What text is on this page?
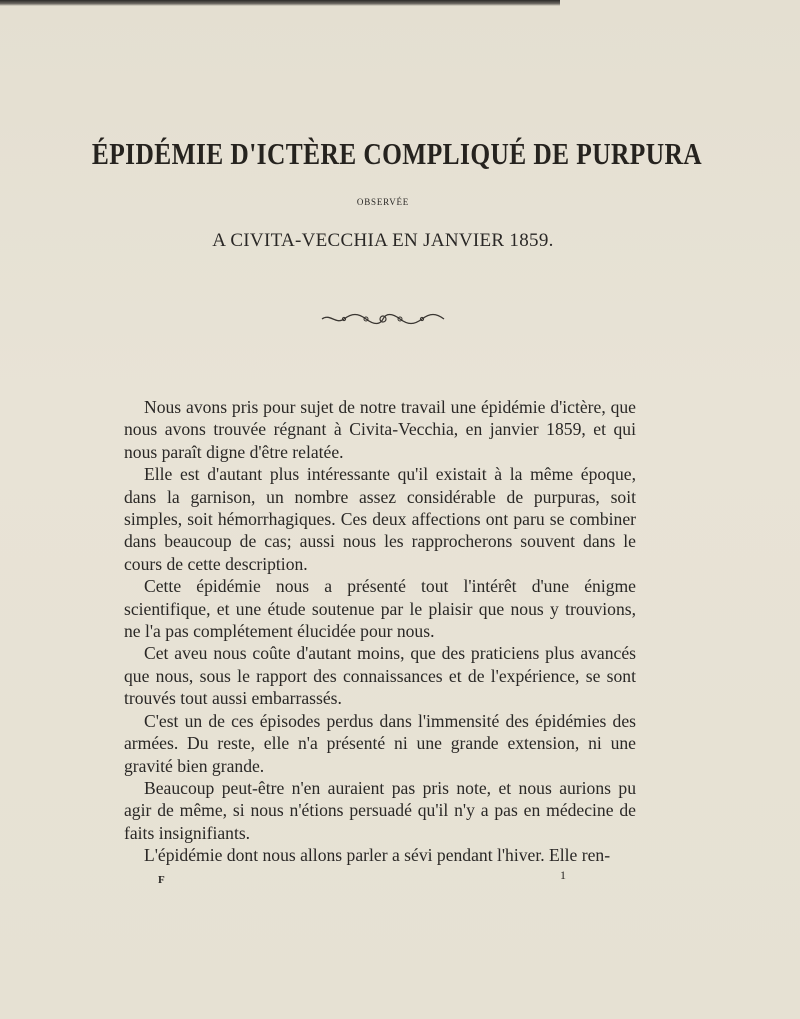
ÉPIDÉMIE D'ICTÈRE COMPLIQUÉ DE PURPURA
OBSERVÉE
A CIVITA-VECCHIA EN JANVIER 1859.

Nous avons pris pour sujet de notre travail une épidémie d'ictère, que nous avons trouvée régnant à Civita-Vecchia, en janvier 1859, et qui nous paraît digne d'être relatée.

Elle est d'autant plus intéressante qu'il existait à la même époque, dans la garnison, un nombre assez considérable de purpuras, soit simples, soit hémorrhagiques. Ces deux affections ont paru se combiner dans beaucoup de cas; aussi nous les rapprocherons souvent dans le cours de cette description.

Cette épidémie nous a présenté tout l'intérêt d'une énigme scientifique, et une étude soutenue par le plaisir que nous y trouvions, ne l'a pas complétement élucidée pour nous.

Cet aveu nous coûte d'autant moins, que des praticiens plus avancés que nous, sous le rapport des connaissances et de l'expérience, se sont trouvés tout aussi embarrassés.

C'est un de ces épisodes perdus dans l'immensité des épidémies des armées. Du reste, elle n'a présenté ni une grande extension, ni une gravité bien grande.

Beaucoup peut-être n'en auraient pas pris note, et nous aurions pu agir de même, si nous n'étions persuadé qu'il n'y a pas en médecine de faits insignifiants.

L'épidémie dont nous allons parler a sévi pendant l'hiver. Elle ren-

F	1
